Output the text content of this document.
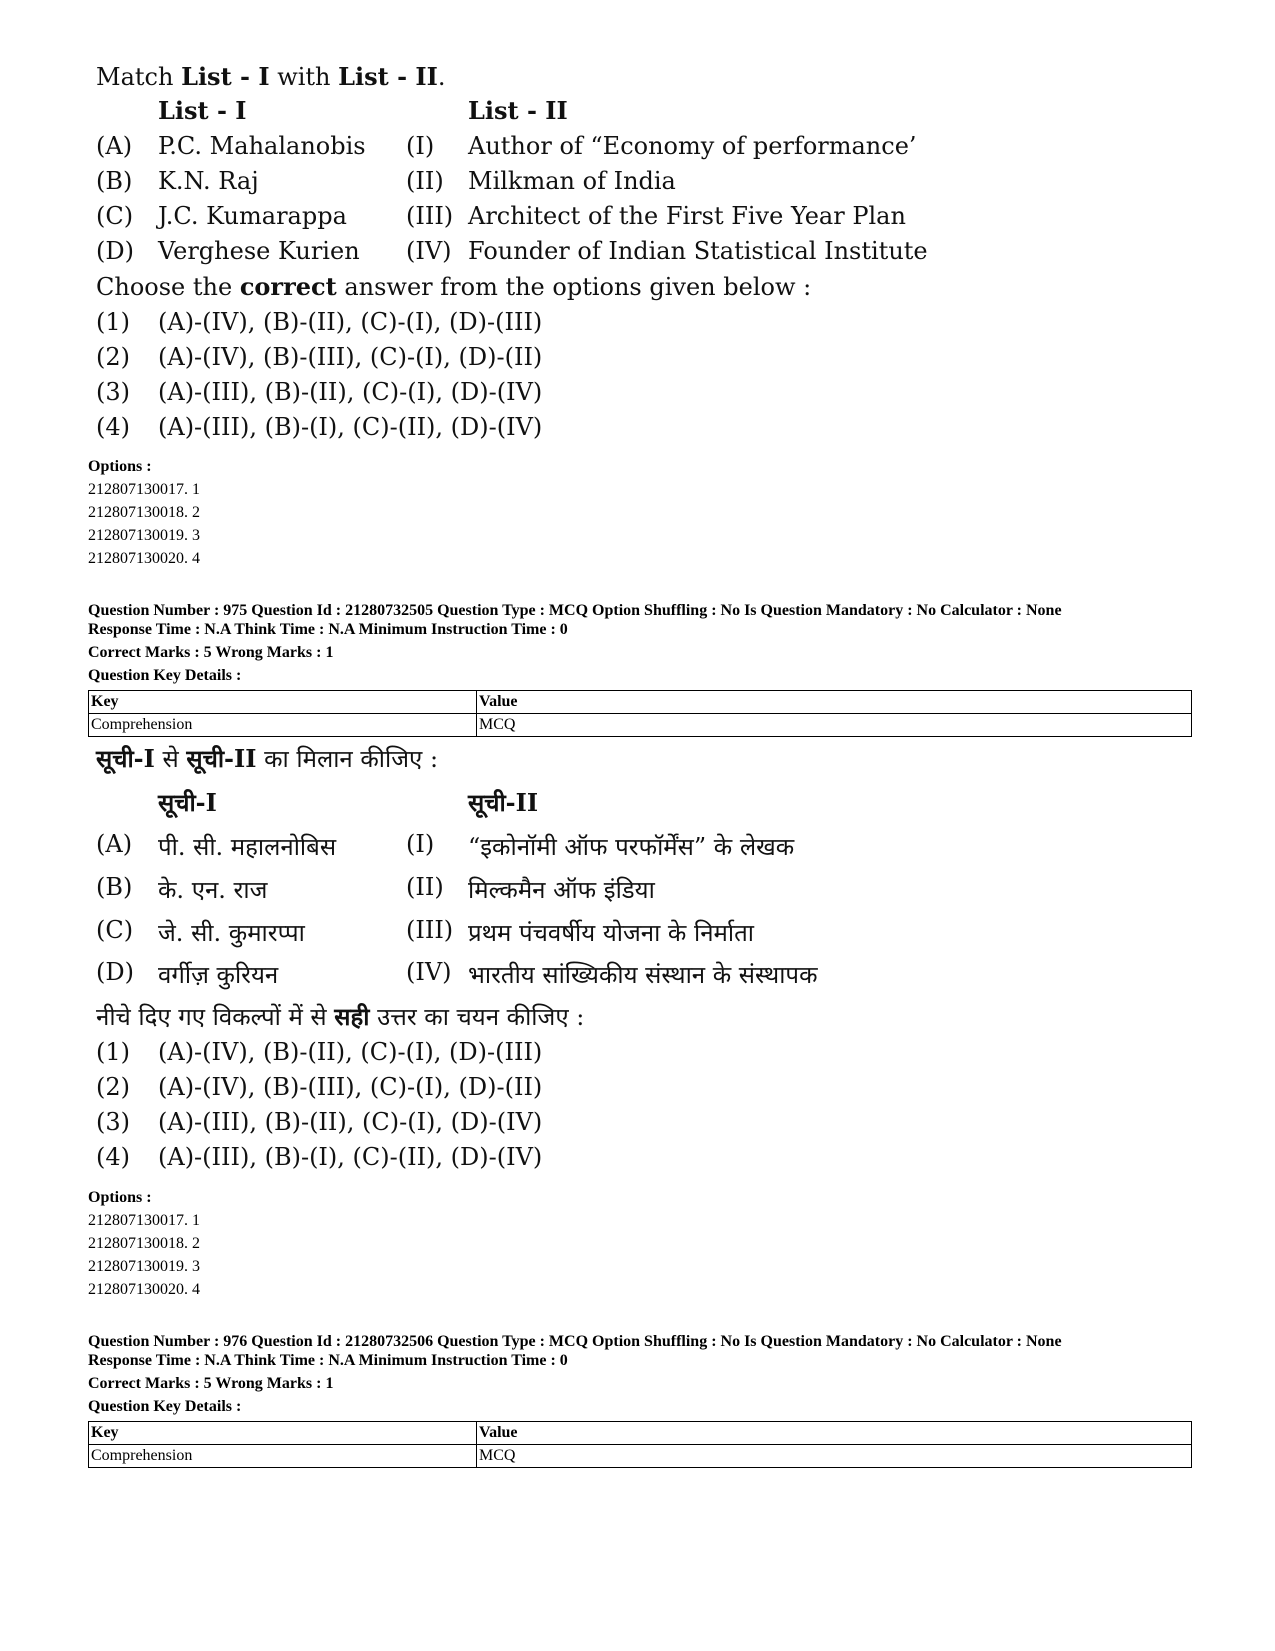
Match List - I with List - II.
List - I	List - II
(A) P.C. Mahalanobis (I) Author of “Economy of performance’
(B) K.N. Raj	(II) Milkman of India
(C) J.C. Kumarappa (III) Architect of the First Five Year Plan
(D) Verghese Kurien (IV) Founder of Indian Statistical Institute
Choose the correct answer from the options given below :
(1) (A)-(IV), (B)-(II), (C)-(I), (D)-(III)
(2) (A)-(IV), (B)-(III), (C)-(I), (D)-(II)
(3) (A)-(III), (B)-(II), (C)-(I), (D)-(IV)
(4) (A)-(III), (B)-(I), (C)-(II), (D)-(IV)
Options :
212807130017. 1
212807130018. 2
212807130019. 3
212807130020. 4
Question Number : 975 Question Id : 21280732505 Question Type : MCQ Option Shuffling : No Is Question Mandatory : No Calculator : None
Response Time : N.A Think Time : N.A Minimum Instruction Time : 0
Correct Marks : 5 Wrong Marks : 1
Question Key Details :
Key	Value
Comprehension	MCQ
सूची-I से सूची-II का मिलान कीजिए :
सूची-I	सूची-II
(A) पी. सी. महालनोबिस	(I) “इकोनॉमी ऑफ परफॉर्मेंस” के लेखक
(B) के. एन. राज	(II) मिल्कमैन ऑफ इंडिया
(C) जे. सी. कुमारप्पा	(III) प्रथम पंचवर्षीय योजना के निर्माता
(D) वर्गीज़ कुरियन	(IV) भारतीय सांख्यिकीय संस्थान के संस्थापक
नीचे दिए गए विकल्पों में से सही उत्तर का चयन कीजिए :
(1) (A)-(IV), (B)-(II), (C)-(I), (D)-(III)
(2) (A)-(IV), (B)-(III), (C)-(I), (D)-(II)
(3) (A)-(III), (B)-(II), (C)-(I), (D)-(IV)
(4) (A)-(III), (B)-(I), (C)-(II), (D)-(IV)
Options :
212807130017. 1
212807130018. 2
212807130019. 3
212807130020. 4
Question Number : 976 Question Id : 21280732506 Question Type : MCQ Option Shuffling : No Is Question Mandatory : No Calculator : None
Response Time : N.A Think Time : N.A Minimum Instruction Time : 0
Correct Marks : 5 Wrong Marks : 1
Question Key Details :
Key	Value
Comprehension	MCQ
